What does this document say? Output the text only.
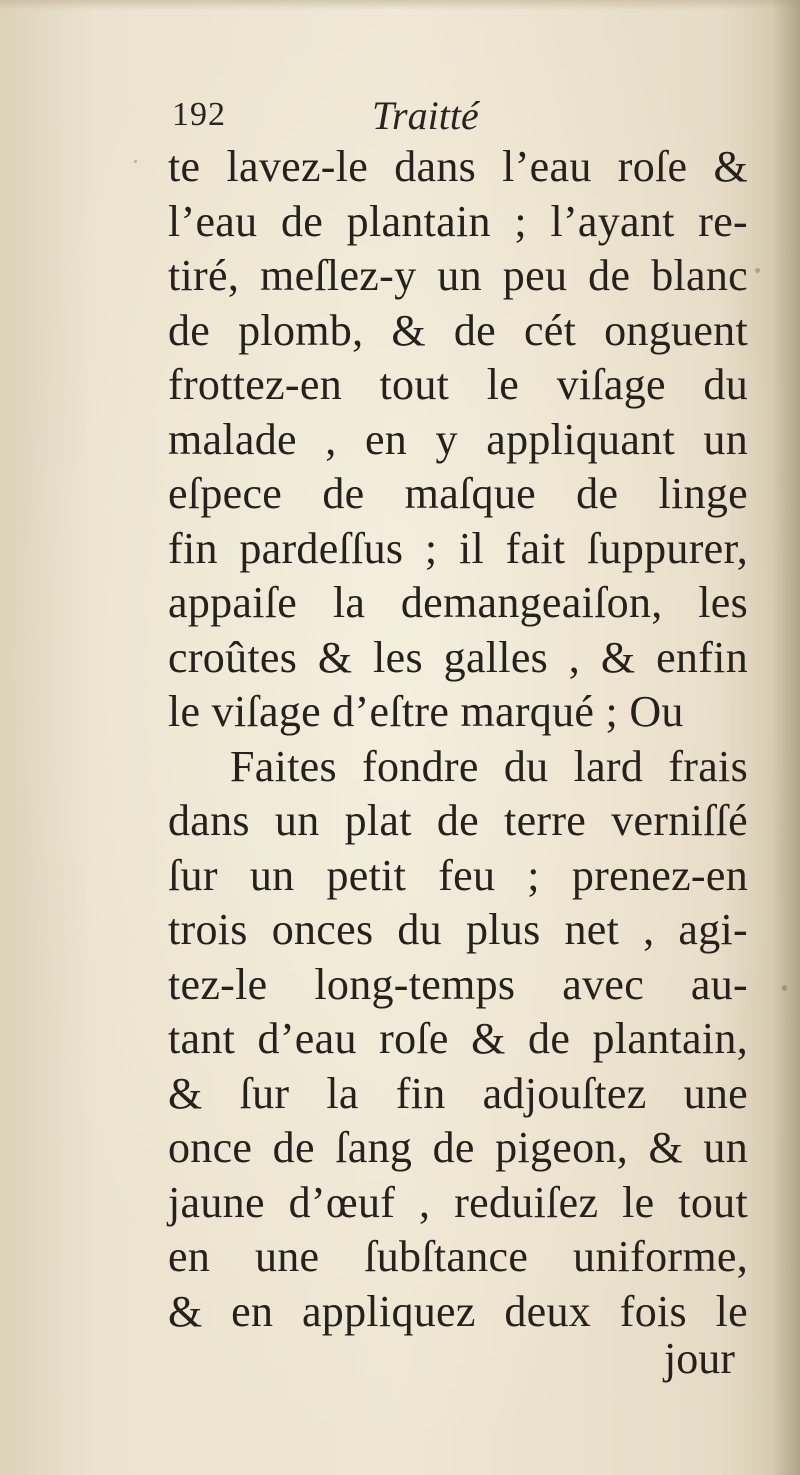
192	Traitté
te lavez-le dans l’eau roſe &
l’eau de plantain ; l’ayant re-
tiré, meſlez-y un peu de blanc
de plomb, & de cét onguent
frottez-en tout le viſage du
malade , en y appliquant un
eſpece de maſque de linge
fin pardeſſus ; il fait ſuppurer,
appaiſe la demangeaiſon, les
croûtes & les galles , & enfin
le viſage d’eſtre marqué ; Ou
Faites fondre du lard frais
dans un plat de terre verniſſé
ſur un petit feu ; prenez-en
trois onces du plus net , agi-
tez-le long-temps avec au-
tant d’eau roſe & de plantain,
& ſur la fin adjouſtez une
once de ſang de pigeon, & un
jaune d’œuf , reduiſez le tout
en une ſubſtance uniforme,
& en appliquez deux fois le
jour
